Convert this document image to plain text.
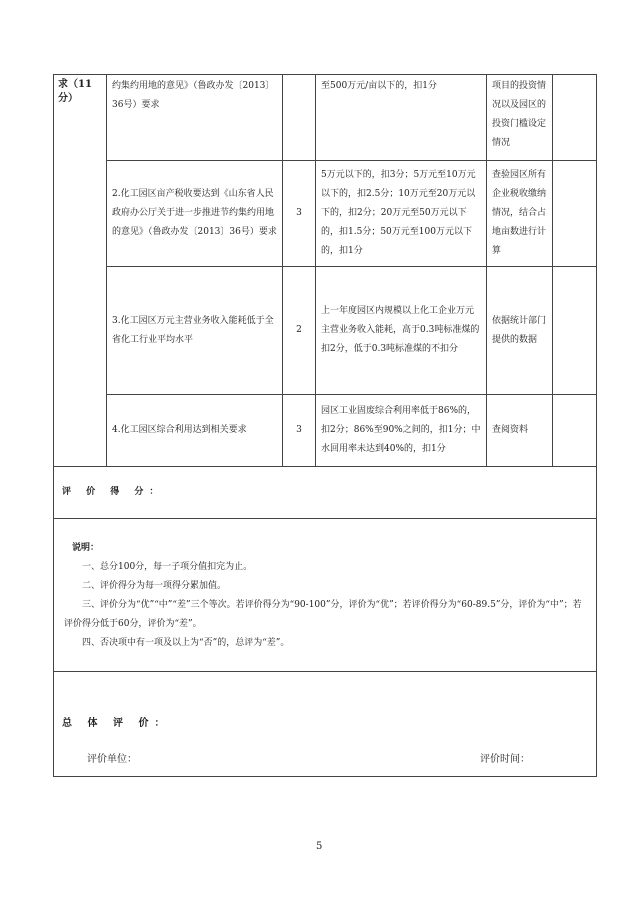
求（11分）	约集约用地的意见》（鲁政办发〔2013〕36号）要求		至500万元/亩以下的，扣1分	项目的投资情况以及园区的投资门槛设定情况	

	2.化工园区亩产税收要达到《山东省人民政府办公厅关于进一步推进节约集约用地的意见》（鲁政办发〔2013〕36号）要求	3	5万元以下的，扣3分；5万元至10万元以下的，扣2.5分；10万元至20万元以下的，扣2分；20万元至50万元以下的，扣1.5分；50万元至100万元以下的，扣1分	查验园区所有企业税收缴纳情况，结合占地亩数进行计算	

	3.化工园区万元主营业务收入能耗低于全省化工行业平均水平	2	上一年度园区内规模以上化工企业万元主营业务收入能耗，高于0.3吨标准煤的扣2分，低于0.3吨标准煤的不扣分	依据统计部门提供的数据	

	4.化工园区综合利用达到相关要求	3	园区工业固废综合利用率低于86%的，扣2分；86%至90%之间的，扣1分；中水回用率未达到40%的，扣1分	查阅资料	

评 价 得 分：					

说明：

一、总分100分，每一子项分值扣完为止。

二、评价得分为每一项得分累加值。

三、评价分为“优”“中”“差”三个等次。若评价得分为“90-100”分，评价为“优”；若评价得分为“60-89.5”分，评价为“中”；若评价得分低于60分，评价为“差”。

四、否决项中有一项及以上为“否”的，总评为“差”。					

总 体 评 价：					
评价单位：	评价时间：
5
